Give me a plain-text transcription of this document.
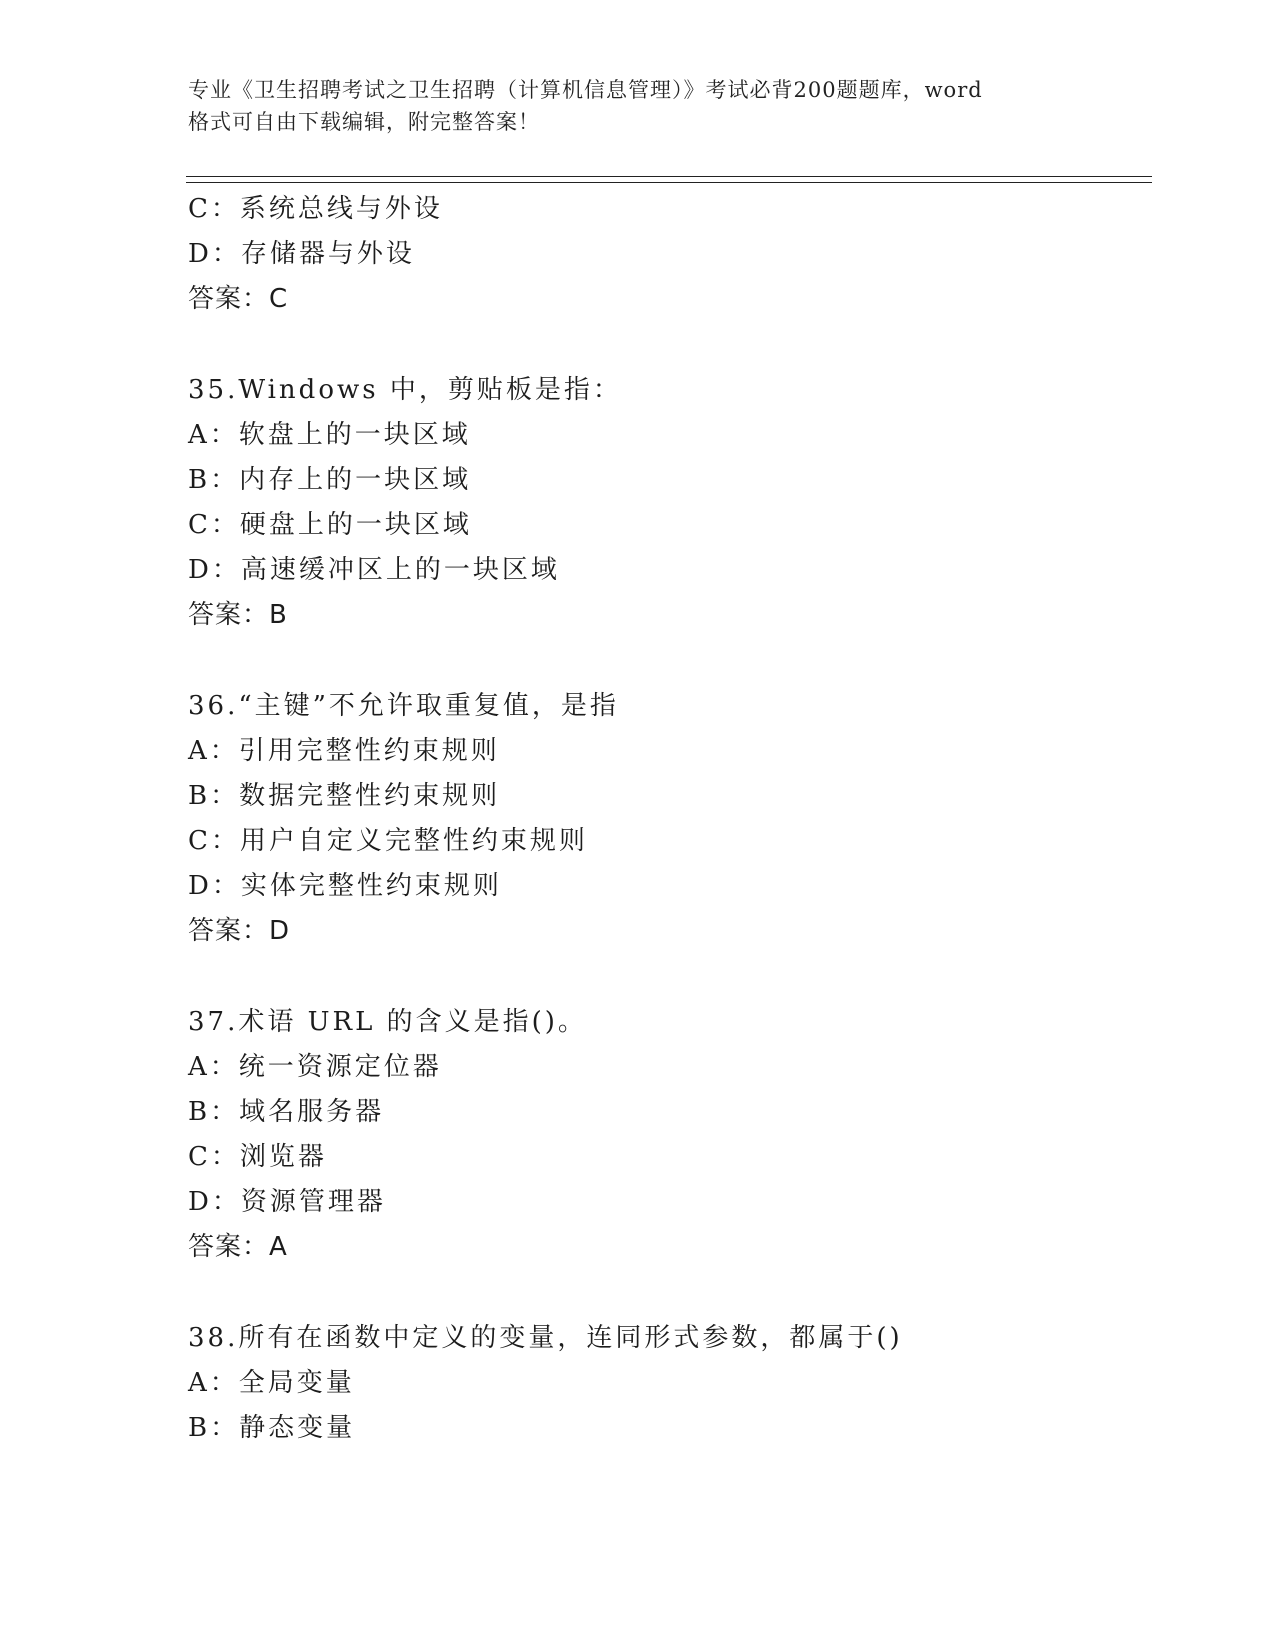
专业《卫生招聘考试之卫生招聘（计算机信息管理）》考试必背200题题库，word
格式可自由下载编辑，附完整答案！
C：系统总线与外设
D：存储器与外设
答案：C
35.Windows 中，剪贴板是指：
A：软盘上的一块区域
B：内存上的一块区域
C：硬盘上的一块区域
D：高速缓冲区上的一块区域
答案：B
36.“主键”不允许取重复值，是指
A：引用完整性约束规则
B：数据完整性约束规则
C：用户自定义完整性约束规则
D：实体完整性约束规则
答案：D
37.术语 URL 的含义是指()。
A：统一资源定位器
B：域名服务器
C：浏览器
D：资源管理器
答案：A
38.所有在函数中定义的变量，连同形式参数，都属于()
A：全局变量
B：静态变量
